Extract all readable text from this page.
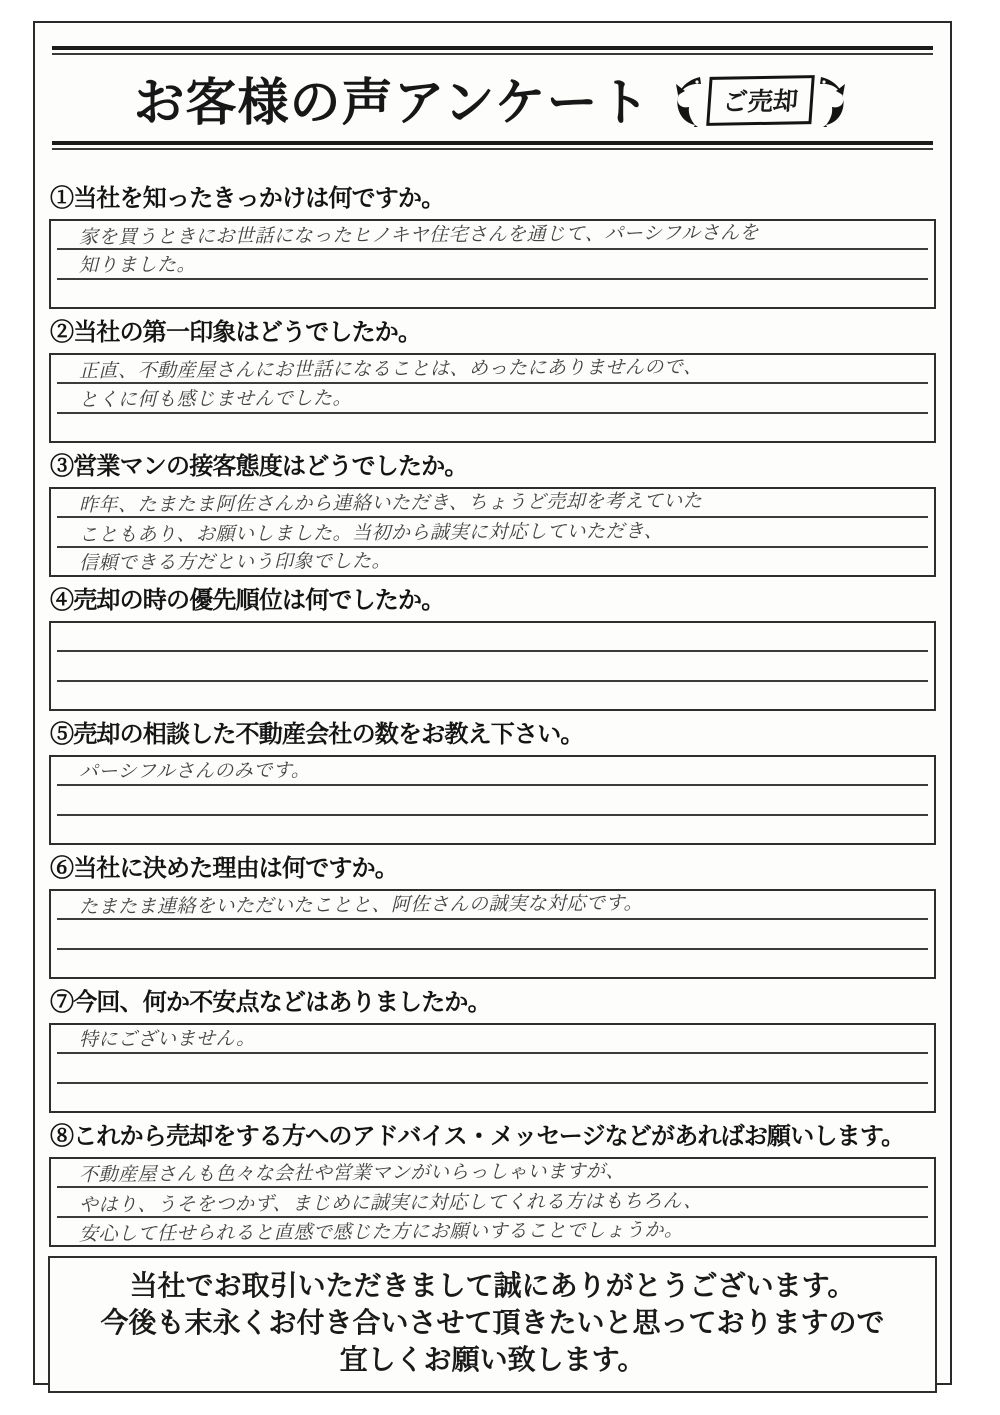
お客様の声アンケート	ご売却
①当社を知ったきっかけは何ですか。
家を買うときにお世話になったヒノキヤ住宅さんを通じて、パーシフルさんを
知りました。
②当社の第一印象はどうでしたか。
正直、不動産屋さんにお世話になることは、めったにありませんので、
とくに何も感じませんでした。
③営業マンの接客態度はどうでしたか。
昨年、たまたま阿佐さんから連絡いただき、ちょうど売却を考えていた
こともあり、お願いしました。当初から誠実に対応していただき、
信頼できる方だという印象でした。
④売却の時の優先順位は何でしたか。
⑤売却の相談した不動産会社の数をお教え下さい。
パーシフルさんのみです。
⑥当社に決めた理由は何ですか。
たまたま連絡をいただいたことと、阿佐さんの誠実な対応です。
⑦今回、何か不安点などはありましたか。
特にございません。
⑧これから売却をする方へのアドバイス・メッセージなどがあればお願いします。
不動産屋さんも色々な会社や営業マンがいらっしゃいますが、
やはり、うそをつかず、まじめに誠実に対応してくれる方はもちろん、
安心して任せられると直感で感じた方にお願いすることでしょうか。
当社でお取引いただきまして誠にありがとうございます。
今後も末永くお付き合いさせて頂きたいと思っておりますので
宜しくお願い致します。
